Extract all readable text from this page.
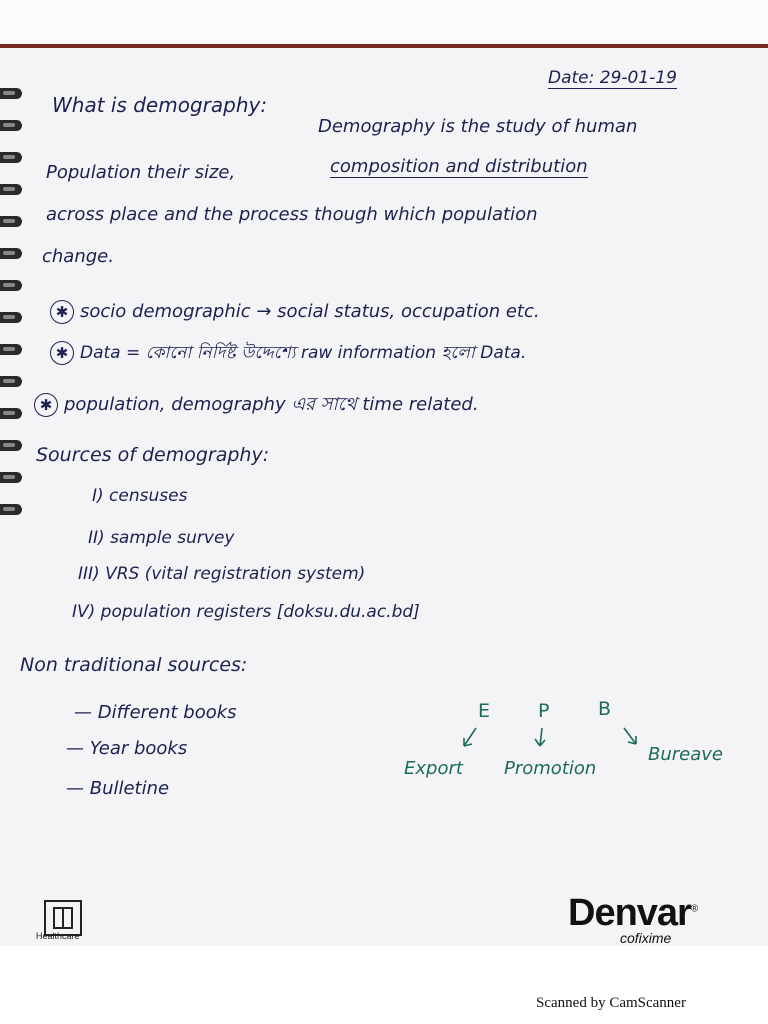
Date: 29-01-19
What is demography:
Demography is the study of human
Population their size,	composition and distribution
across place and the process though which population
change.
✱ socio demographic → social status, occupation etc.
✱ Data = কোনো নির্দিষ্ট উদ্দেশ্যে raw information হলো Data.
✱ population, demography এর সাথে time related.
Sources of demography:
I) censuses
II) sample survey
III) VRS (vital registration system)
IV) population registers [doksu.du.ac.bd]
Non traditional sources:
— Different books
— Year books
— Bulletine
E	P	B
Export Promotion
Bureave
Healthcare
Denvar®
cofixime
Scanned by CamScanner
